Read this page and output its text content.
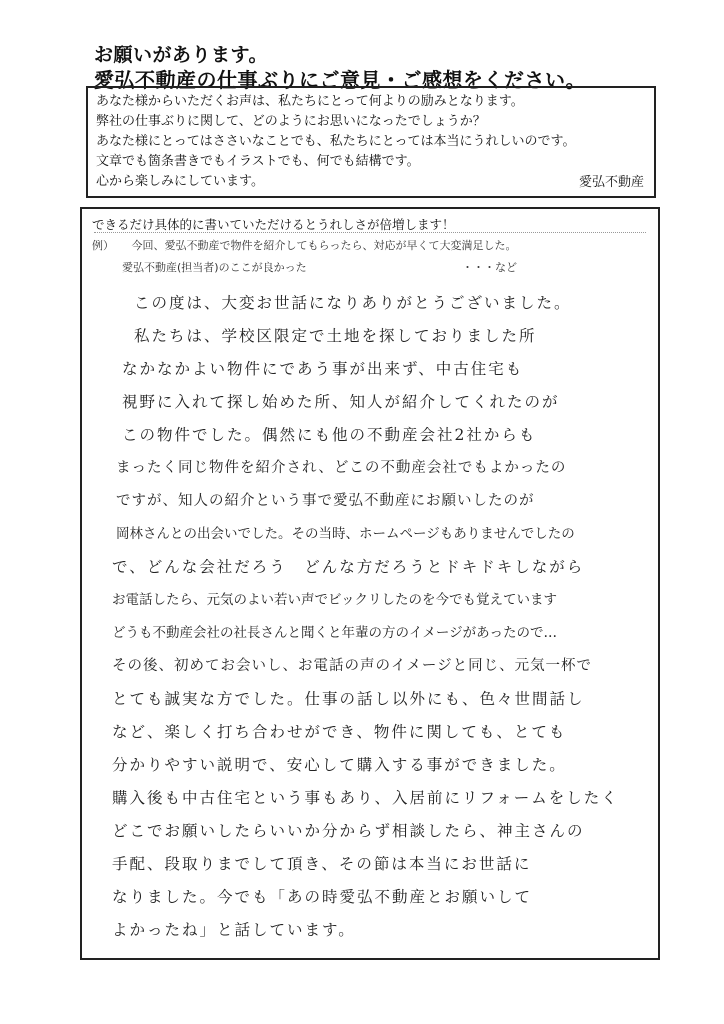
お願いがあります。
愛弘不動産の仕事ぶりにご意見・ご感想をください。
あなた様からいただくお声は、私たちにとって何よりの励みとなります。
弊社の仕事ぶりに関して、どのようにお思いになったでしょうか？
あなた様にとってはささいなことでも、私たちにとっては本当にうれしいのです。
文章でも箇条書きでもイラストでも、何でも結構です。
心から楽しみにしています。	愛弘不動産
できるだけ具体的に書いていただけるとうれしさが倍増します！
例） 今回、愛弘不動産で物件を紹介してもらったら、対応が早くて大変満足した。
愛弘不動産(担当者)のここが良かった	・・・など
この度は、大変お世話になりありがとうございました。
私たちは、学校区限定で土地を探しておりました所
なかなかよい物件にであう事が出来ず、中古住宅も
視野に入れて探し始めた所、知人が紹介してくれたのが
この物件でした。偶然にも他の不動産会社2社からも
まったく同じ物件を紹介され、どこの不動産会社でもよかったの
ですが、知人の紹介という事で愛弘不動産にお願いしたのが
岡林さんとの出会いでした。その当時、ホームページもありませんでしたの
で、どんな会社だろう　どんな方だろうとドキドキしながら
お電話したら、元気のよい若い声でビックリしたのを今でも覚えています
どうも不動産会社の社長さんと聞くと年輩の方のイメージがあったので…
その後、初めてお会いし、お電話の声のイメージと同じ、元気一杯で
とても誠実な方でした。仕事の話し以外にも、色々世間話し
など、楽しく打ち合わせができ、物件に関しても、とても
分かりやすい説明で、安心して購入する事ができました。
購入後も中古住宅という事もあり、入居前にリフォームをしたく
どこでお願いしたらいいか分からず相談したら、神主さんの
手配、段取りまでして頂き、その節は本当にお世話に
なりました。今でも「あの時愛弘不動産とお願いして
よかったね」と話しています。
